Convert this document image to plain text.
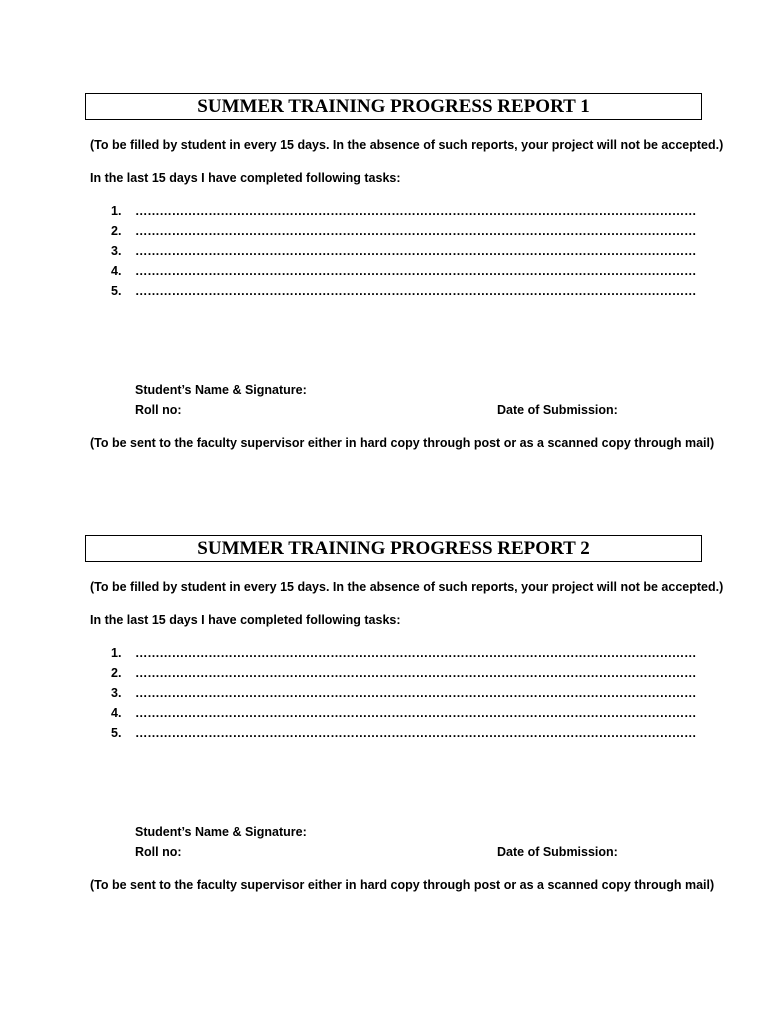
SUMMER TRAINING PROGRESS REPORT 1
(To be filled by student in every 15 days. In the absence of such reports, your project will not be accepted.)
In the last 15 days I have completed following tasks:
1.	…………………………………………………………………………………………………………………………
2.	…………………………………………………………………………………………………………………………
3.	…………………………………………………………………………………………………………………………
4.	…………………………………………………………………………………………………………………………
5.	…………………………………………………………………………………………………………………………
Student’s Name & Signature:
Roll no:	Date of Submission:
(To be sent to the faculty supervisor either in hard copy through post or as a scanned copy through mail)
SUMMER TRAINING PROGRESS REPORT 2
(To be filled by student in every 15 days. In the absence of such reports, your project will not be accepted.)
In the last 15 days I have completed following tasks:
1.	…………………………………………………………………………………………………………………………
2.	…………………………………………………………………………………………………………………………
3.	…………………………………………………………………………………………………………………………
4.	…………………………………………………………………………………………………………………………
5.	…………………………………………………………………………………………………………………………
Student’s Name & Signature:
Roll no:	Date of Submission:
(To be sent to the faculty supervisor either in hard copy through post or as a scanned copy through mail)
